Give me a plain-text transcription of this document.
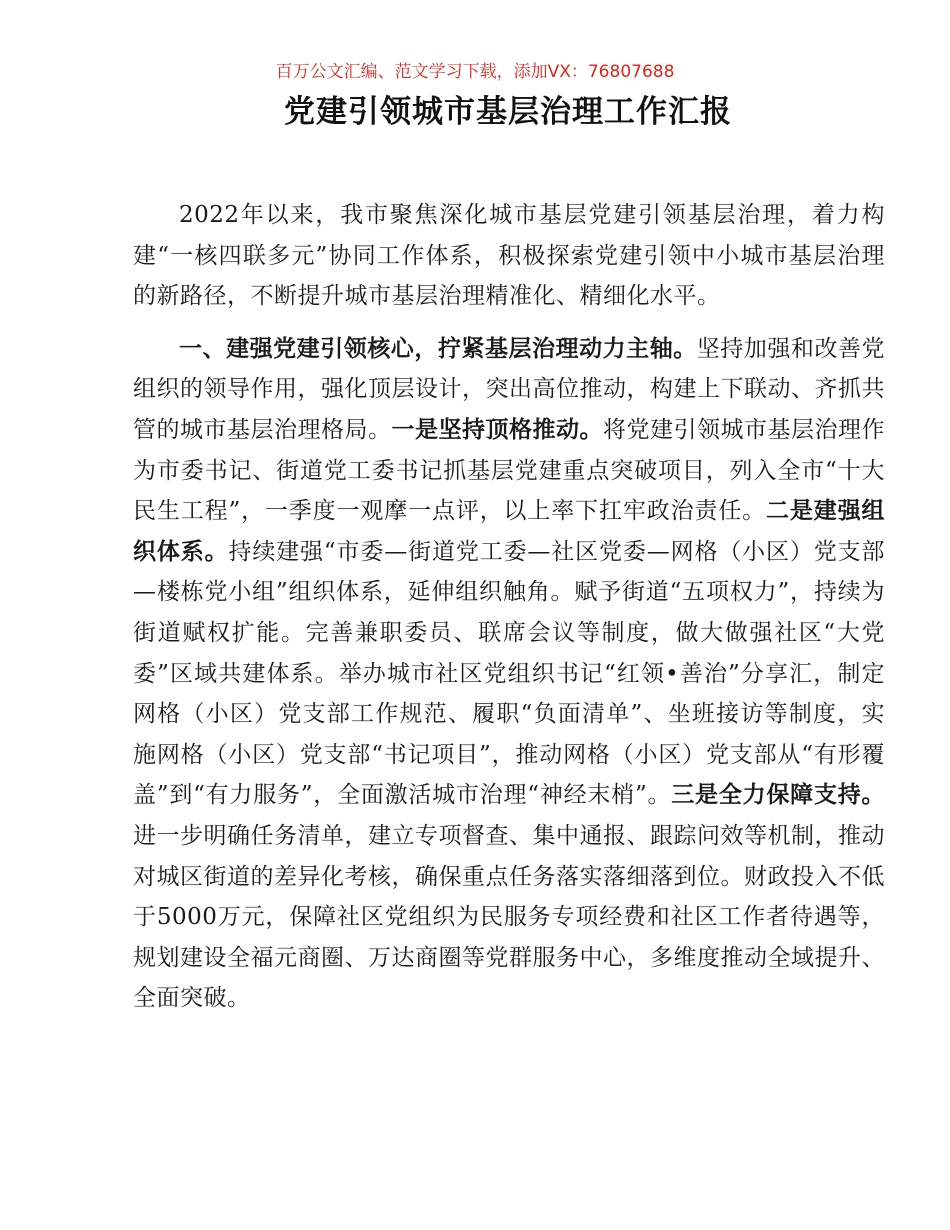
百万公文汇编、范文学习下载，添加VX：76807688
党建引领城市基层治理工作汇报

2022年以来，我市聚焦深化城市基层党建引领基层治理，着力构建“一核四联多元”协同工作体系，积极探索党建引领中小城市基层治理的新路径，不断提升城市基层治理精准化、精细化水平。

一、建强党建引领核心，拧紧基层治理动力主轴。坚持加强和改善党组织的领导作用，强化顶层设计，突出高位推动，构建上下联动、齐抓共管的城市基层治理格局。一是坚持顶格推动。将党建引领城市基层治理作为市委书记、街道党工委书记抓基层党建重点突破项目，列入全市“十大民生工程”，一季度一观摩一点评，以上率下扛牢政治责任。二是建强组织体系。持续建强“市委—街道党工委—社区党委—网格（小区）党支部—楼栋党小组”组织体系，延伸组织触角。赋予街道“五项权力”，持续为街道赋权扩能。完善兼职委员、联席会议等制度，做大做强社区“大党委”区域共建体系。举办城市社区党组织书记“红领•善治”分享汇，制定网格（小区）党支部工作规范、履职“负面清单”、坐班接访等制度，实施网格（小区）党支部“书记项目”，推动网格（小区）党支部从“有形覆盖”到“有力服务”，全面激活城市治理“神经末梢”。三是全力保障支持。进一步明确任务清单，建立专项督查、集中通报、跟踪问效等机制，推动对城区街道的差异化考核，确保重点任务落实落细落到位。财政投入不低于5000万元，保障社区党组织为民服务专项经费和社区工作者待遇等，规划建设全福元商圈、万达商圈等党群服务中心，多维度推动全域提升、全面突破。
